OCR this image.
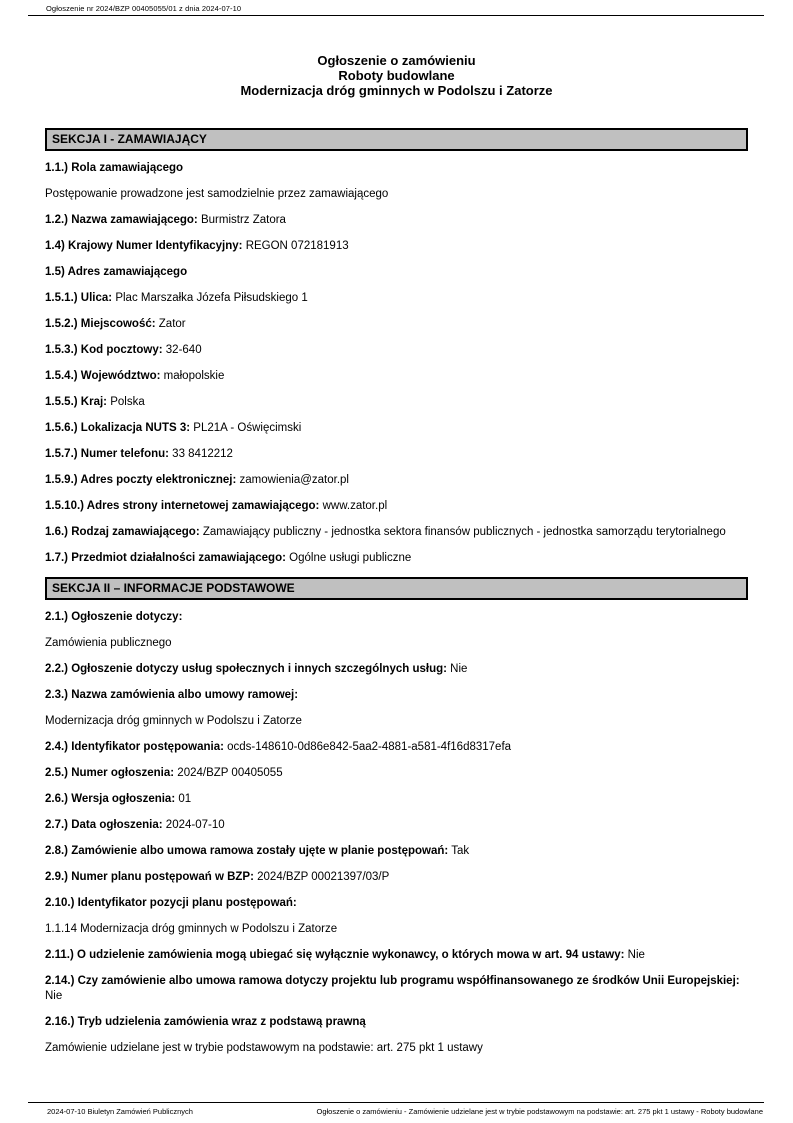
Ogłoszenie nr 2024/BZP 00405055/01 z dnia 2024-07-10
Ogłoszenie o zamówieniu
Roboty budowlane
Modernizacja dróg gminnych w Podolszu i Zatorze
SEKCJA I - ZAMAWIAJĄCY

1.1.) Rola zamawiającego

Postępowanie prowadzone jest samodzielnie przez zamawiającego

1.2.) Nazwa zamawiającego: Burmistrz Zatora

1.4) Krajowy Numer Identyfikacyjny: REGON 072181913

1.5) Adres zamawiającego

1.5.1.) Ulica: Plac Marszałka Józefa Piłsudskiego 1

1.5.2.) Miejscowość: Zator

1.5.3.) Kod pocztowy: 32-640

1.5.4.) Województwo: małopolskie

1.5.5.) Kraj: Polska

1.5.6.) Lokalizacja NUTS 3: PL21A - Oświęcimski

1.5.7.) Numer telefonu: 33 8412212

1.5.9.) Adres poczty elektronicznej: zamowienia@zator.pl

1.5.10.) Adres strony internetowej zamawiającego: www.zator.pl

1.6.) Rodzaj zamawiającego: Zamawiający publiczny - jednostka sektora finansów publicznych - jednostka samorządu terytorialnego

1.7.) Przedmiot działalności zamawiającego: Ogólne usługi publiczne

SEKCJA II – INFORMACJE PODSTAWOWE

2.1.) Ogłoszenie dotyczy:

Zamówienia publicznego

2.2.) Ogłoszenie dotyczy usług społecznych i innych szczególnych usług: Nie

2.3.) Nazwa zamówienia albo umowy ramowej:

Modernizacja dróg gminnych w Podolszu i Zatorze

2.4.) Identyfikator postępowania: ocds-148610-0d86e842-5aa2-4881-a581-4f16d8317efa

2.5.) Numer ogłoszenia: 2024/BZP 00405055

2.6.) Wersja ogłoszenia: 01

2.7.) Data ogłoszenia: 2024-07-10

2.8.) Zamówienie albo umowa ramowa zostały ujęte w planie postępowań: Tak

2.9.) Numer planu postępowań w BZP: 2024/BZP 00021397/03/P

2.10.) Identyfikator pozycji planu postępowań:

1.1.14 Modernizacja dróg gminnych w Podolszu i Zatorze

2.11.) O udzielenie zamówienia mogą ubiegać się wyłącznie wykonawcy, o których mowa w art. 94 ustawy: Nie

2.14.) Czy zamówienie albo umowa ramowa dotyczy projektu lub programu współfinansowanego ze środków Unii Europejskiej: Nie

2.16.) Tryb udzielenia zamówienia wraz z podstawą prawną

Zamówienie udzielane jest w trybie podstawowym na podstawie: art. 275 pkt 1 ustawy

2024-07-10 Biuletyn Zamówień Publicznych	Ogłoszenie o zamówieniu - Zamówienie udzielane jest w trybie podstawowym na podstawie: art. 275 pkt 1 ustawy - Roboty budowlane
